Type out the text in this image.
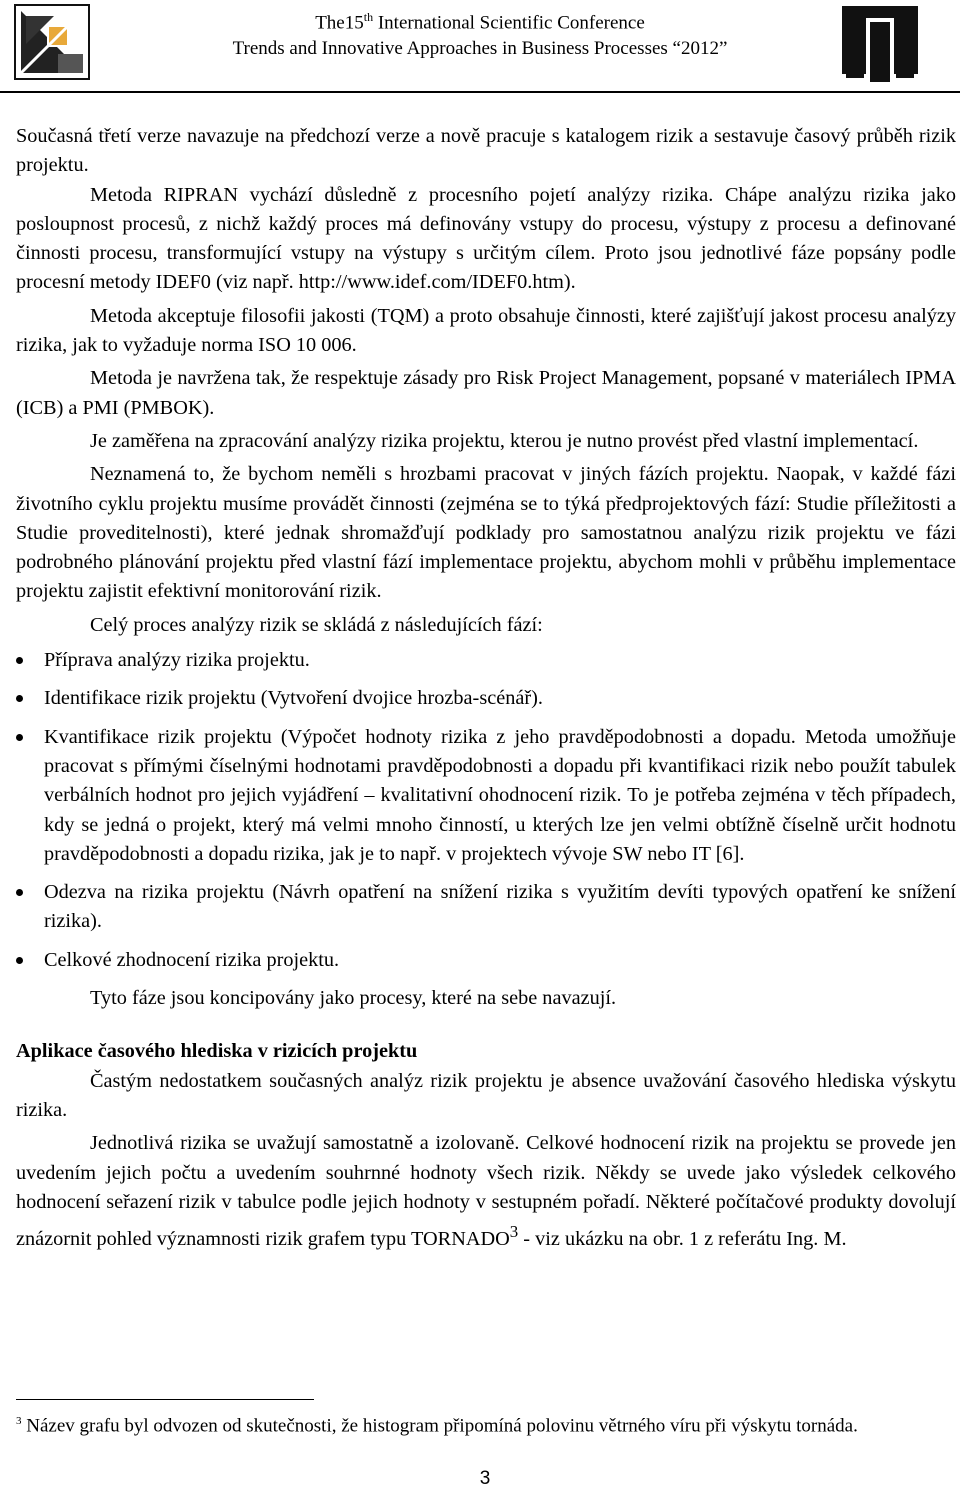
The15th International Scientific Conference
Trends and Innovative Approaches in Business Processes “2012”

Současná třetí verze navazuje na předchozí verze a nově pracuje s katalogem rizik a sestavuje časový průběh rizik projektu.

Metoda RIPRAN vychází důsledně z procesního pojetí analýzy rizika. Chápe analýzu rizika jako posloupnost procesů, z nichž každý proces má definovány vstupy do procesu, výstupy z procesu a definované činnosti procesu, transformující vstupy na výstupy s určitým cílem. Proto jsou jednotlivé fáze popsány podle procesní metody IDEF0 (viz např. http://www.idef.com/IDEF0.htm).

Metoda akceptuje filosofii jakosti (TQM) a proto obsahuje činnosti, které zajišťují jakost procesu analýzy rizika, jak to vyžaduje norma ISO 10 006.

Metoda je navržena tak, že respektuje zásady pro Risk Project Management, popsané v materiálech IPMA (ICB) a PMI (PMBOK).

Je zaměřena na zpracování analýzy rizika projektu, kterou je nutno provést před vlastní implementací.

Neznamená to, že bychom neměli s hrozbami pracovat v jiných fázích projektu. Naopak, v každé fázi životního cyklu projektu musíme provádět činnosti (zejména se to týká předprojektových fází: Studie příležitosti a Studie proveditelnosti), které jednak shromažďují podklady pro samostatnou analýzu rizik projektu ve fázi podrobného plánování projektu před vlastní fází implementace projektu, abychom mohli v průběhu implementace projektu zajistit efektivní monitorování rizik.

Celý proces analýzy rizik se skládá z následujících fází:

Příprava analýzy rizika projektu.
Identifikace rizik projektu (Vytvoření dvojice hrozba-scénář).
Kvantifikace rizik projektu (Výpočet hodnoty rizika z jeho pravděpodobnosti a dopadu. Metoda umožňuje pracovat s přímými číselnými hodnotami pravděpodobnosti a dopadu při kvantifikaci rizik nebo použít tabulek verbálních hodnot pro jejich vyjádření – kvalitativní ohodnocení rizik. To je potřeba zejména v těch případech, kdy se jedná o projekt, který má velmi mnoho činností, u kterých lze jen velmi obtížně číselně určit hodnotu pravděpodobnosti a dopadu rizika, jak je to např. v projektech vývoje SW nebo IT [6].
Odezva na rizika projektu (Návrh opatření na snížení rizika s využitím devíti typových opatření ke snížení rizika).
Celkové zhodnocení rizika projektu.

Tyto fáze jsou koncipovány jako procesy, které na sebe navazují.

Aplikace časového hlediska v rizicích projektu

Častým nedostatkem současných analýz rizik projektu je absence uvažování časového hlediska výskytu rizika.

Jednotlivá rizika se uvažují samostatně a izolovaně. Celkové hodnocení rizik na projektu se provede jen uvedením jejich počtu a uvedením souhrnné hodnoty všech rizik. Někdy se uvede jako výsledek celkového hodnocení seřazení rizik v tabulce podle jejich hodnoty v sestupném pořadí. Některé počítačové produkty dovolují znázornit pohled významnosti rizik grafem typu TORNADO$^3$ - viz ukázku na obr. 1 z referátu Ing. M.

$^3$ Název grafu byl odvozen od skutečnosti, že histogram připomíná polovinu větrného víru při výskytu tornáda.
3
